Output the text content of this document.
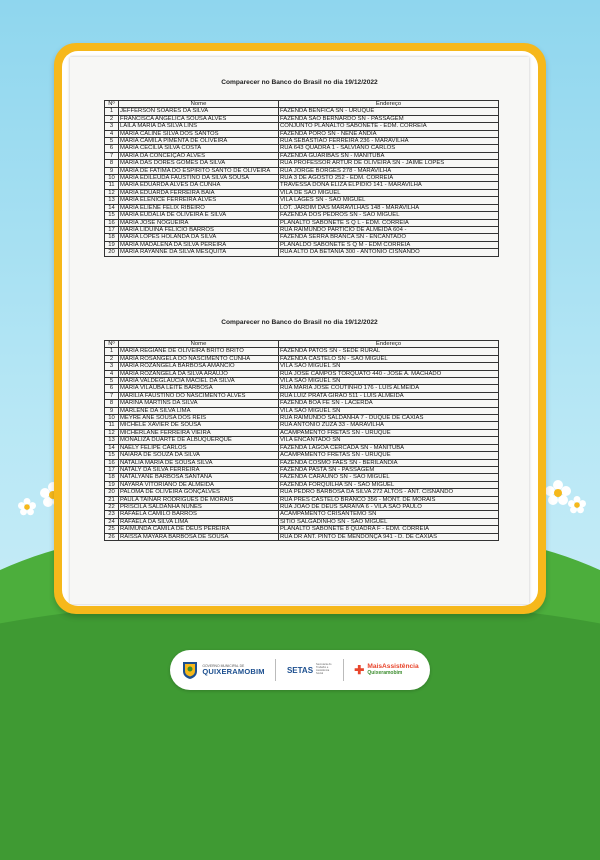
Comparecer no Banco do Brasil no dia 19/12/2022
Nº	Nome	Endereço
1	JEFFERSON SOARES DA SILVA	FAZENDA BENFICA SN - URUQUÊ
2	FRANCISCA ANGELICA SOUSA ALVES	FAZENDA SAO BERNARDO SN - PASSAGEM
3	LAILA MARIA DA SILVA LINS	CONJUNTO PLANALTO SABONETE - EDM. CORREIA
4	MARIA CALINE SILVA DOS SANTOS	FAZENDA PORO SN - NENE ANDIA
5	MARIA CAMILA PIMENTA DE OLIVEIRA	RUA SEBASTIAO FERREIRA 236 - MARAVILHA
6	MARIA CECILIA SILVA COSTA	RUA 643 QUADRA 1 - SALVIANO CARLOS
7	MARIA DA CONCEIÇÃO ALVES	FAZENDA GUARIBAS SN - MANITUBA
8	MARIA DAS DORES GOMES DA SILVA	RUA PROFESSOR ARTUR DE OLIVEIRA SN - JAIME LOPES
9	MARIA DE FATIMA DO ESPIRITO SANTO DE OLIVEIRA	RUA JORGE BORGES 278 - MARAVILHA
10	MARIA EDILEUDA FAUSTINO DA SILVA SOUSA	RUA 3 DE AGOSTO 252 - EDM. CORREIA
11	MARIA EDUARDA ALVES DA CUNHA	TRAVESSA DONA ELIZA ELPIDIO 141 - MARAVILHA
12	MARIA EDUARDA FERREIRA BAIA	VILA DE SÃO MIGUEL
13	MARIA ELENICE FERREIRA ALVES	VILA LAGES SN - SÃO MIGUEL
14	MARIA ELIENE FELIX RIBEIRO	LOT. JARDIM DAS MARAVILHAS 148 - MARAVILHA
15	MARIA EUDALIA DE OLIVEIRA E SILVA	FAZENDA DOS PEDROS SN - SÃO MIGUEL
16	MARIA JOSE NOGUEIRA	PLANALTO SABONETE S Q L - EDM. CORREIA
17	MARIA LIDUINA FELICIO BARROS	RUA RAIMUNDO PARTICIO DE ALMEIDA 604 -
18	MARIA LOPES HOLANDA DA SILVA	FAZENDA SERRA BRANCA SN - ENCANTADO
19	MARIA MADALENA DA SILVA PEREIRA	PLANALDO SABONETE S Q M - EDM CORREIA
20	MARIA RAYANNE DA SILVA MESQUITA	RUA ALTO DA BETANIA 300 - ANTONIO CISNANDO
Comparecer no Banco do Brasil no dia 19/12/2022
Nº	Nome	Endereço
1	MARIA REGIANE DE OLIVEIRA BRITO BRITO	FAZENDA PATOS SN - SEDE RURAL
2	MARIA ROSANGELA DO NASCIMENTO CUNHA	FAZENDA CASTELO SN - SÃO MIGUEL
3	MARIA ROZANGELA BARBOSA AMANCIO	VILA SAO MIGUEL SN
4	MARIA ROZANGELA DA SILVA ARAUJO	RUA JOSE CAMPOS TORQUATO 440 - JOSÉ A. MACHADO
5	MARIA VALDEGLAUCIA MACIEL DA SILVA	VILA SAO MIGUEL SN
6	MARIA VILAUBA LEITE BARBOSA	RUA MARIA JOSE COUTINHO 176 - LUIS ALMEIDA
7	MARILIA FAUSTINO DO NASCIMENTO ALVES	RUA LUIZ PRATA GIRAO 511 - LUIS ALMEIDA
8	MARINA MARTINS DA SILVA	FAZENDA BOA FÉ SN - LACERDA
9	MARLENE DA SILVA LIMA	VILA SAO MIGUEL SN
10	MEYRE ANE SOUSA DOS REIS	RUA RAIMUNDO SALDANHA 7 - DUQUE DE CAXIAS
11	MICHELE XAVIER DE SOUSA	RUA ANTONIO ZUZA 33 - MARAVILHA
12	MICHERLANE FERREIRA VIEIRA	ACAMPAMENTO FRETAS SN - URUQUÊ
13	MONALIZA DUARTE DE ALBUQUERQUE	VILA ENCANTADO SN
14	NAELY FELIPE CARLOS	FAZENDA LAGOA CERCADA SN - MANITUBA
15	NAIARA DE SOUZA DA SILVA	ACAMPAMENTO FRETAS SN - URUQUÊ
16	NATALIA MARIA DE SOUSA SILVA	FAZENDA COSMO FAES SN - BERILANDIA
17	NATALY DA SILVA FERREIRA	FAZENDA PASTA SN - PASSAGEM
18	NATALYANE BARBOSA SANTANA	FAZENDA CARAUNO SN - SÃO MIGUEL
19	NAYARA VITORIANO DE ALMEIDA	FAZENDA FORQUILHA SN - SÃO MIGUEL
20	PALOMA DE OLIVEIRA GONÇALVES	RUA PEDRO BARBOSA DA SILVA 272 ALTOS - ANT. CISNANDO
21	PAULA TAINAR RODRIGUES DE MORAIS	RUA PRES CASTELO BRANCO 356 - MONT. DE MORAIS
22	PRISCILA SALDANHA NUNES	RUA JOAO DE DEUS SARAIVA 6 - VILA SAO PAULO
23	RAFAELA CAMILO BARROS	ACAMPAMENTO CRISANTEMO SN
24	RAFAELA DA SILVA LIMA	SITIO SALGADINHO SN - SÃO MIGUEL
25	RAIMUNDA CAMILA DE DEUS PEREIRA	PLANALTO SABONETE 8 QUADRA F - EDM. CORREIA
26	RAISSA MAYARA BARBOSA DE SOUSA	RUA DR ANT. PINTO DE MENDONÇA 941 - D. DE CAXIAS
GOVERNO MUNICIPAL DE
QUIXERAMOBIM	SETAS
Secretaria do Trabalho e Assistência Social	✚ MaisAssistência
Quixeramobim
